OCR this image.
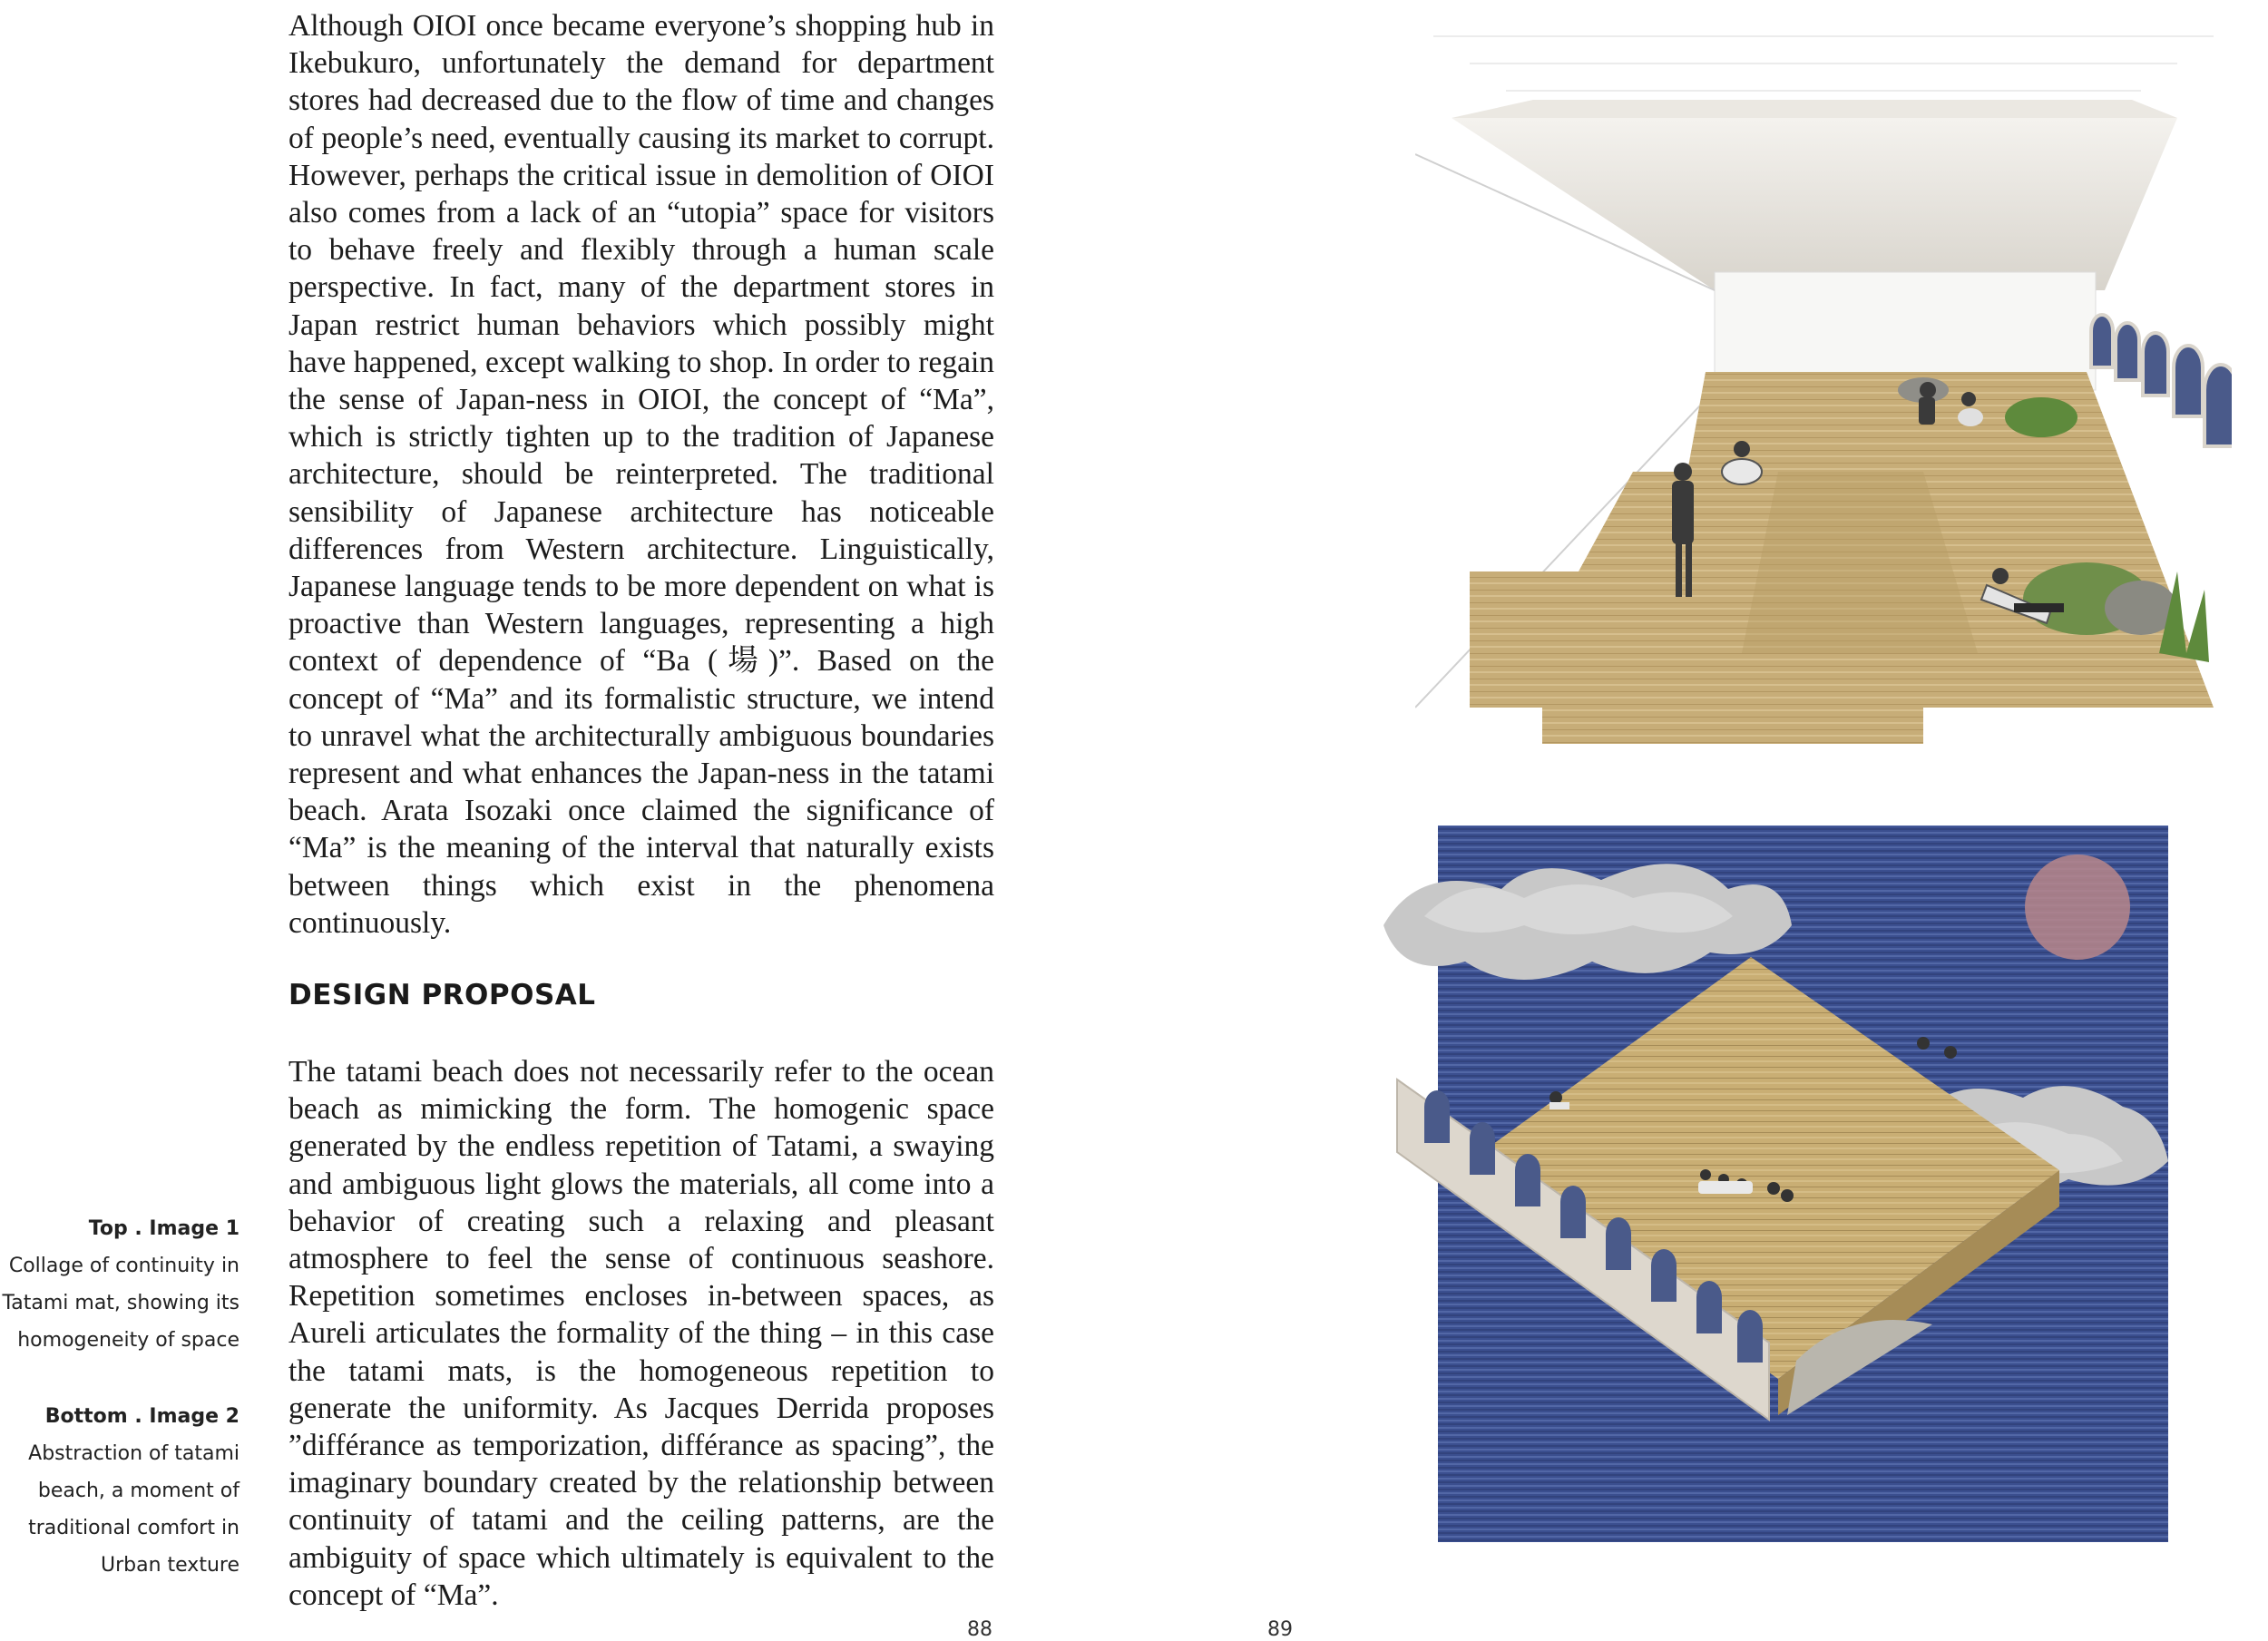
Although OIOI once became everyone’s shopping hub in Ikebukuro, unfortunately the demand for department stores had decreased due to the flow of time and changes of people’s need, eventually causing its market to corrupt. However, perhaps the critical issue in demolition of OIOI also comes from a lack of an “utopia” space for visitors to behave freely and flexibly through a human scale perspective. In fact, many of the department stores in Japan restrict human behaviors which possibly might have happened, except walking to shop. In order to regain the sense of Japan-ness in OIOI, the concept of “Ma”, which is strictly tighten up to the tradition of Japanese architecture, should be reinterpreted. The traditional sensibility of Japanese architecture has noticeable differences from Western architecture. Linguistically, Japanese language tends to be more dependent on what is proactive than Western languages, representing a high context of dependence of “Ba (場)”. Based on the concept of “Ma” and its formalistic structure, we intend to unravel what the architecturally ambiguous boundaries represent and what enhances the Japan-ness in the tatami beach. Arata Isozaki once claimed the significance of “Ma” is the meaning of the interval that naturally exists between things which exist in the phenomena continuously.

DESIGN PROPOSAL

The tatami beach does not necessarily refer to the ocean beach as mimicking the form. The homogenic space generated by the endless repetition of Tatami, a swaying and ambiguous light glows the materials, all come into a behavior of creating such a relaxing and pleasant atmosphere to feel the sense of continuous seashore. Repetition sometimes encloses in-between spaces, as Aureli articulates the formality of the thing – in this case the tatami mats, is the homogeneous repetition to generate the uniformity. As Jacques Derrida proposes ”différance as temporization, différance as spacing”, the imaginary boundary created by the relationship between continuity of tatami and the ceiling patterns, are the ambiguity of space which ultimately is equivalent to the concept of “Ma”.

Top . Image 1
Collage of continuity in
Tatami mat, showing its
homogeneity of space
Bottom . Image 2
Abstraction of tatami
beach, a moment of
traditional comfort in
Urban texture
88	89
